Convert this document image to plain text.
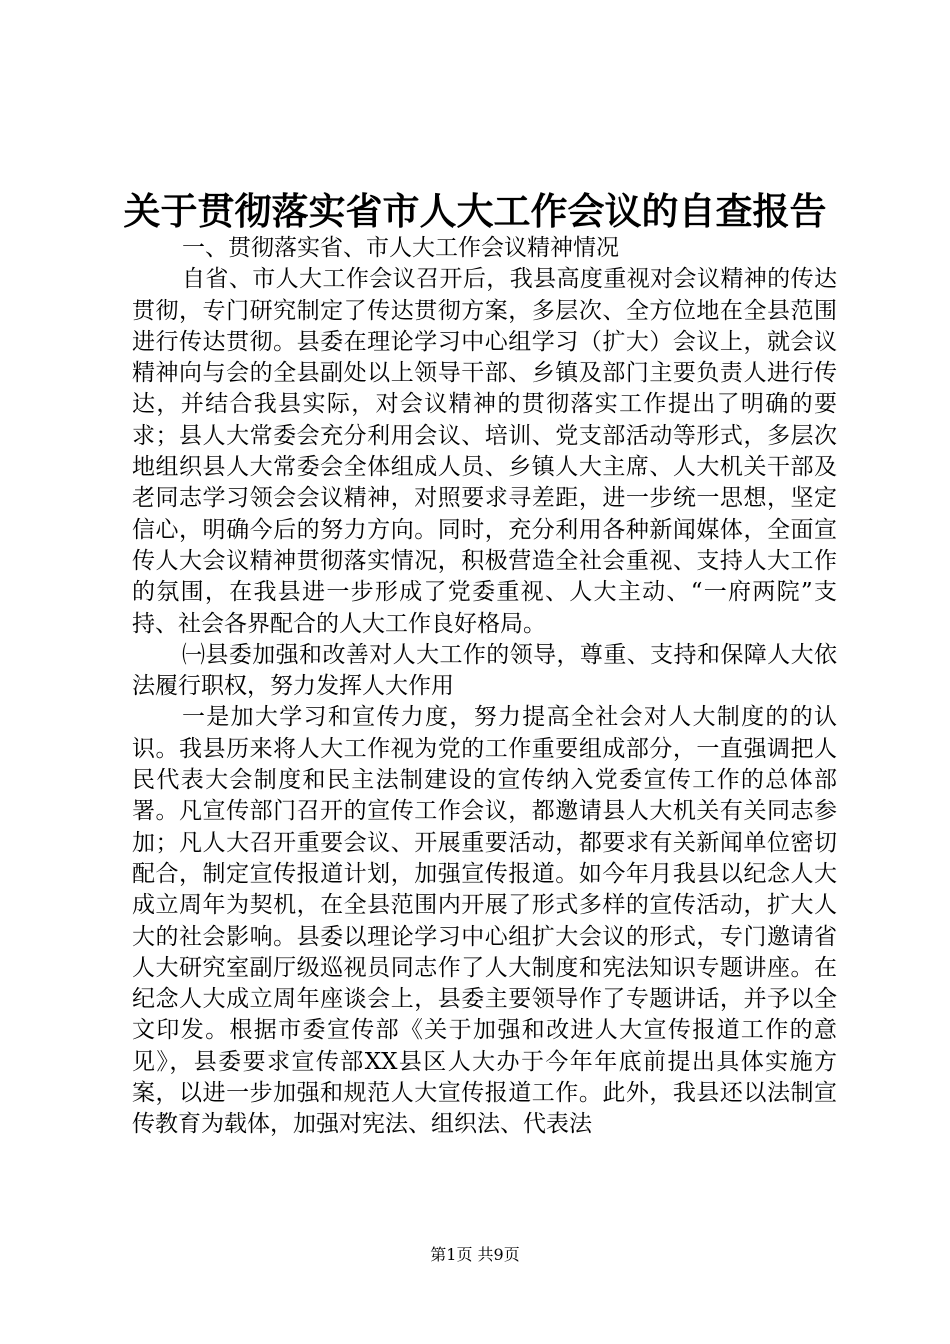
关于贯彻落实省市人大工作会议的自查报告

一、贯彻落实省、市人大工作会议精神情况

自省、市人大工作会议召开后，我县高度重视对会议精神的传达贯彻，专门研究制定了传达贯彻方案，多层次、全方位地在全县范围进行传达贯彻。县委在理论学习中心组学习（扩大）会议上，就会议精神向与会的全县副处以上领导干部、乡镇及部门主要负责人进行传达，并结合我县实际，对会议精神的贯彻落实工作提出了明确的要求；县人大常委会充分利用会议、培训、党支部活动等形式，多层次地组织县人大常委会全体组成人员、乡镇人大主席、人大机关干部及老同志学习领会会议精神，对照要求寻差距，进一步统一思想，坚定信心，明确今后的努力方向。同时，充分利用各种新闻媒体，全面宣传人大会议精神贯彻落实情况，积极营造全社会重视、支持人大工作的氛围，在我县进一步形成了党委重视、人大主动、“一府两院”支持、社会各界配合的人大工作良好格局。

㈠县委加强和改善对人大工作的领导，尊重、支持和保障人大依法履行职权，努力发挥人大作用

一是加大学习和宣传力度，努力提高全社会对人大制度的的认识。我县历来将人大工作视为党的工作重要组成部分，一直强调把人民代表大会制度和民主法制建设的宣传纳入党委宣传工作的总体部署。凡宣传部门召开的宣传工作会议，都邀请县人大机关有关同志参加；凡人大召开重要会议、开展重要活动，都要求有关新闻单位密切配合，制定宣传报道计划，加强宣传报道。如今年月我县以纪念人大成立周年为契机，在全县范围内开展了形式多样的宣传活动，扩大人大的社会影响。县委以理论学习中心组扩大会议的形式，专门邀请省人大研究室副厅级巡视员同志作了人大制度和宪法知识专题讲座。在纪念人大成立周年座谈会上，县委主要领导作了专题讲话，并予以全文印发。根据市委宣传部《关于加强和改进人大宣传报道工作的意见》，县委要求宣传部XX县区人大办于今年年底前提出具体实施方案，以进一步加强和规范人大宣传报道工作。此外，我县还以法制宣传教育为载体，加强对宪法、组织法、代表法

第1页 共9页
